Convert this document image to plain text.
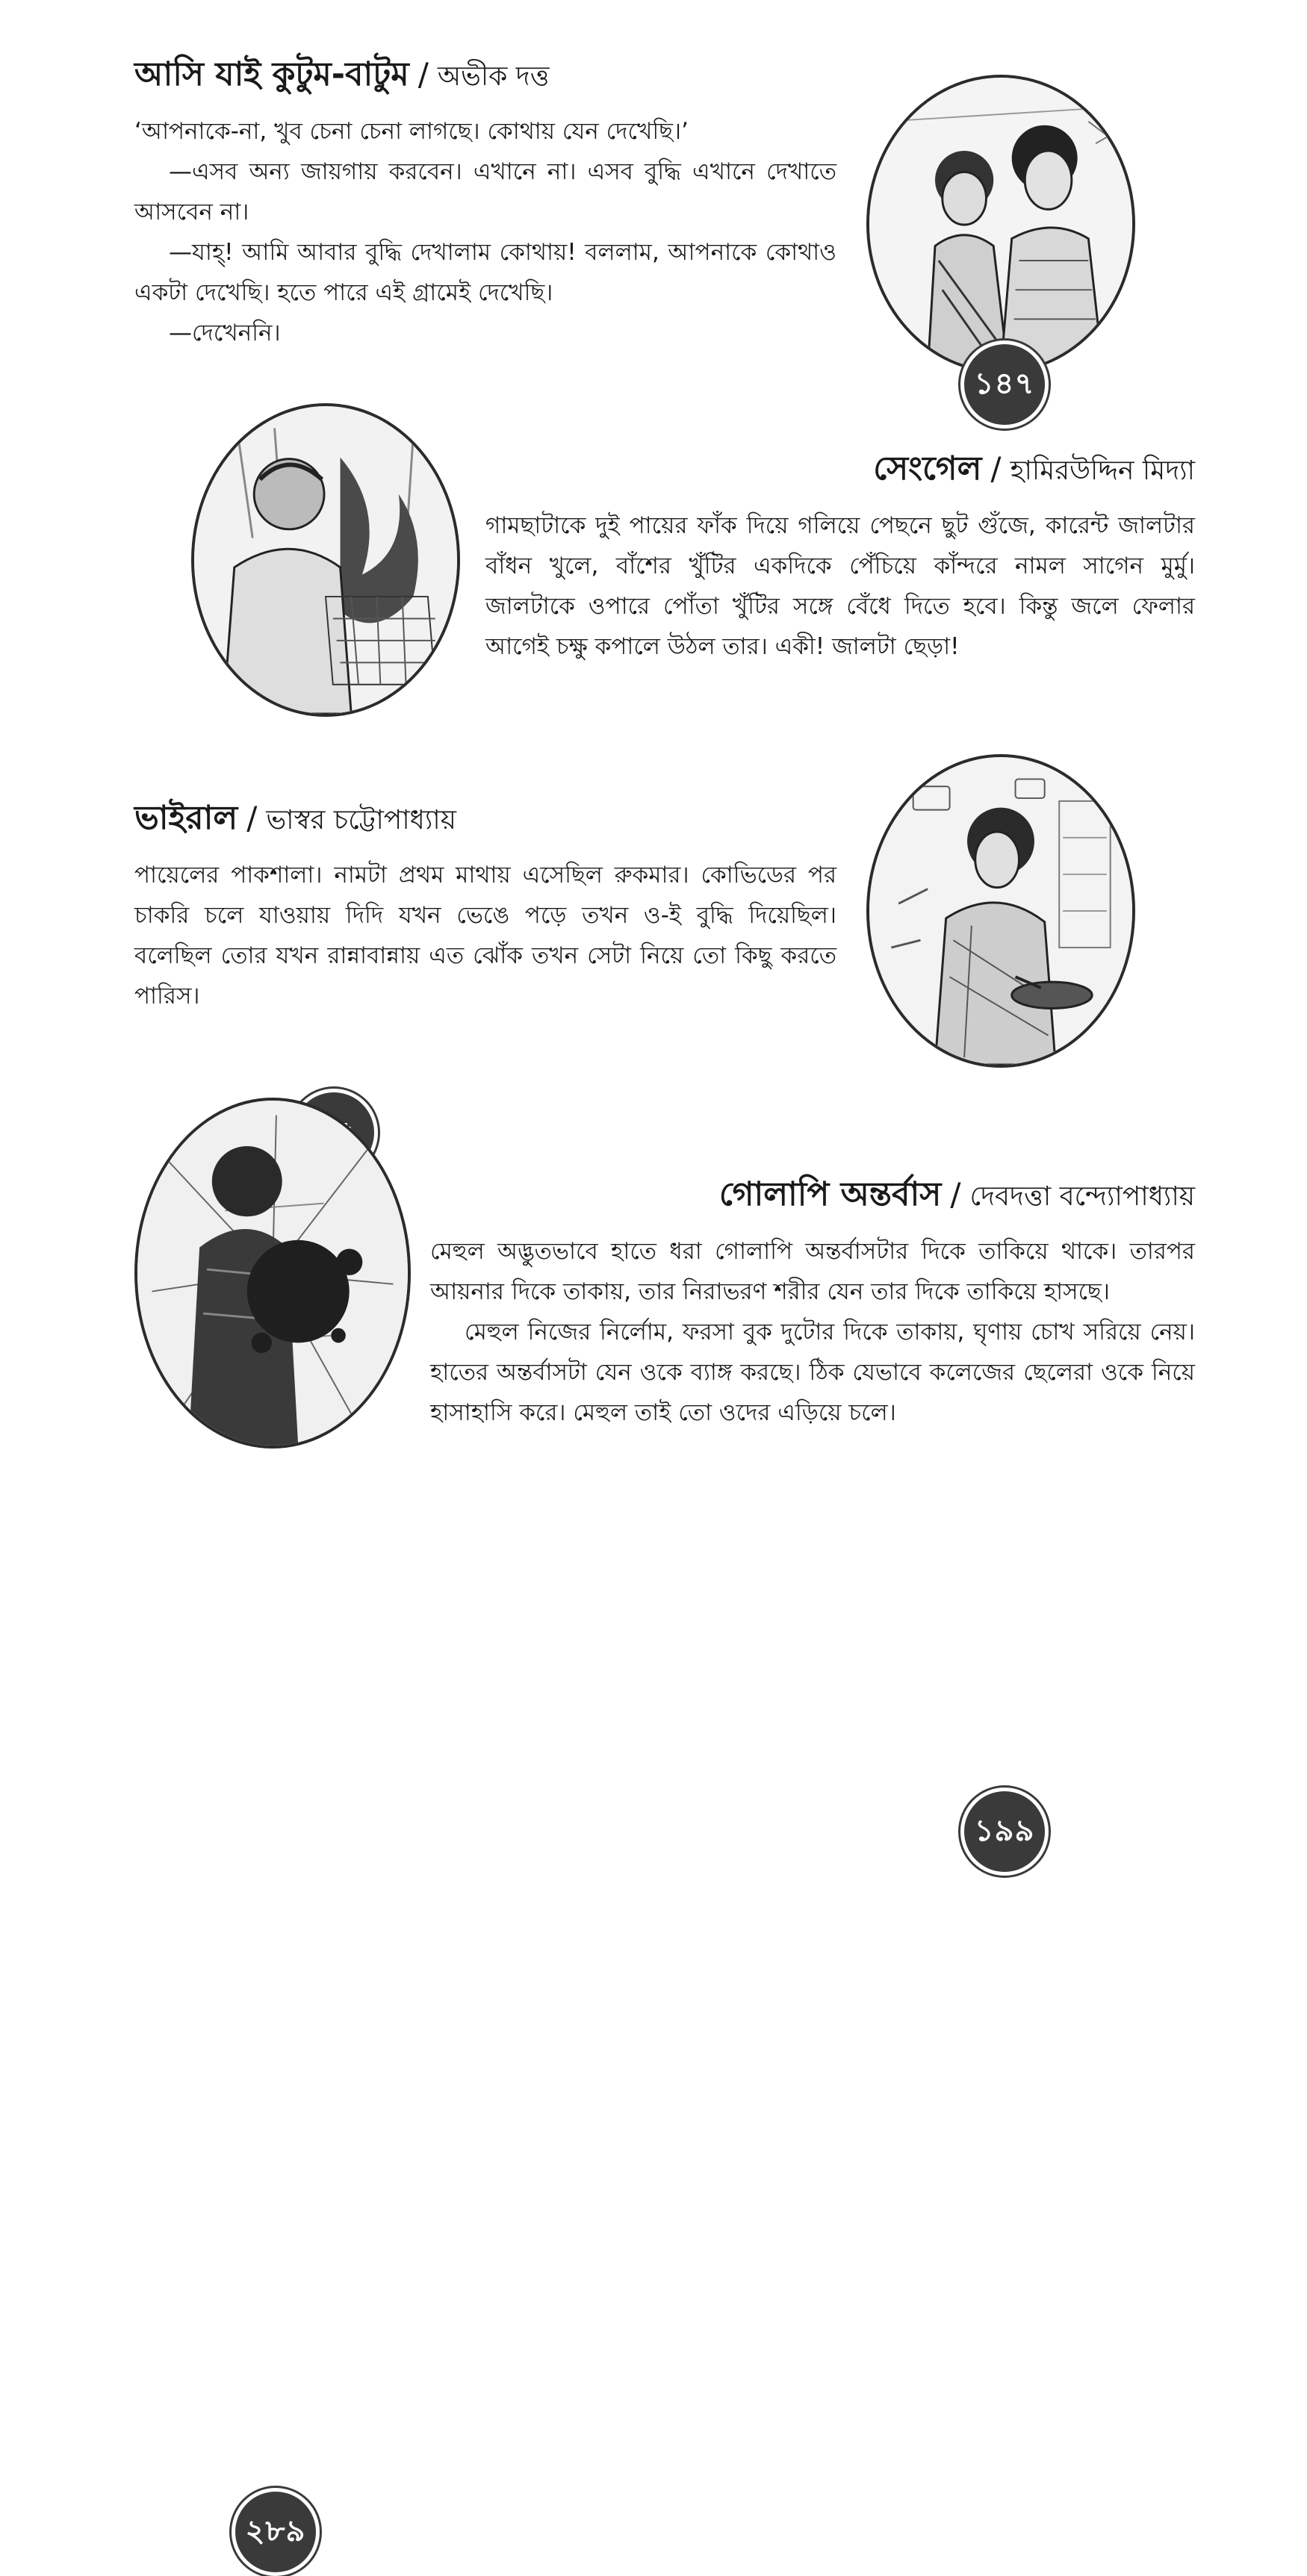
আসি যাই কুটুম-বাটুম / অভীক দত্ত

‘আপনাকে-না, খুব চেনা চেনা লাগছে। কোথায় যেন দেখেছি।’

—এসব অন্য জায়গায় করবেন। এখানে না। এসব বুদ্ধি এখানে দেখাতে আসবেন না।

—যাহ্‌! আমি আবার বুদ্ধি দেখালাম কোথায়! বললাম, আপনাকে কোথাও একটা দেখেছি। হতে পারে এই গ্রামেই দেখেছি।

—দেখেননি।

১৪৭
সেংগেল / হামিরউদ্দিন মিদ্যা

গামছাটাকে দুই পায়ের ফাঁক দিয়ে গলিয়ে পেছনে ছুট গুঁজে, কারেন্ট জালটার বাঁধন খুলে, বাঁশের খুঁটির একদিকে পেঁচিয়ে কাঁন্দরে নামল সাগেন মুর্মু। জালটাকে ওপারে পোঁতা খুঁটির সঙ্গে বেঁধে দিতে হবে। কিন্তু জলে ফেলার আগেই চক্ষু কপালে উঠল তার। একী! জালটা ছেড়া!

ভাইরাল / ভাস্বর চট্টোপাধ্যায়

পায়েলের পাকশালা। নামটা প্রথম মাথায় এসেছিল রুকমার। কোভিডের পর চাকরি চলে যাওয়ায় দিদি যখন ভেঙে পড়ে তখন ও-ই বুদ্ধি দিয়েছিল। বলেছিল তোর যখন রান্নাবান্নায় এত ঝোঁক তখন সেটা নিয়ে তো কিছু করতে পারিস।

১৯৯
২৮৯
গোলাপি অন্তর্বাস / দেবদত্তা বন্দ্যোপাধ্যায়

মেহুল অদ্ভুতভাবে হাতে ধরা গোলাপি অন্তর্বাসটার দিকে তাকিয়ে থাকে। তারপর আয়নার দিকে তাকায়, তার নিরাভরণ শরীর যেন তার দিকে তাকিয়ে হাসছে।

মেহুল নিজের নির্লোম, ফরসা বুক দুটোর দিকে তাকায়, ঘৃণায় চোখ সরিয়ে নেয়। হাতের অন্তর্বাসটা যেন ওকে ব্যাঙ্গ করছে। ঠিক যেভাবে কলেজের ছেলেরা ওকে নিয়ে হাসাহাসি করে। মেহুল তাই তো ওদের এড়িয়ে চলে।
